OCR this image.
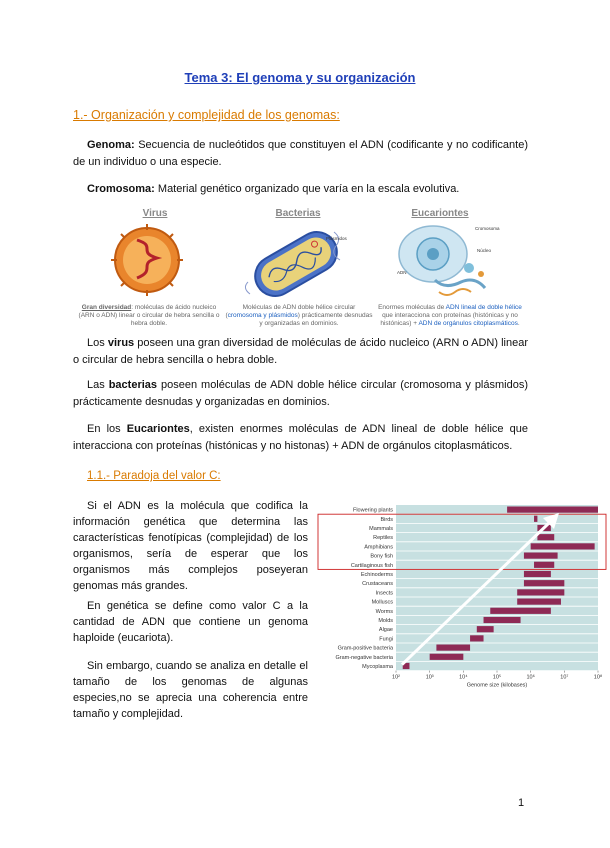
Tema 3: El genoma y su organización
1.- Organización y complejidad de los genomas:
Genoma: Secuencia de nucleótidos que constituyen el ADN (codificante y no codificante) de un individuo o una especie.
Cromosoma: Material genético organizado que varía en la escala evolutiva.
Virus
Gran diversidad: moléculas de ácido nucleico (ARN o ADN) linear o circular de hebra sencilla o hebra doble.
Bacterias
Plásmidos
Moléculas de ADN doble hélice circular (cromosoma y plásmidos) prácticamente desnudas y organizadas en dominios.
Eucariontes
Cromosoma
Núcleo
ADN
Enormes moléculas de ADN lineal de doble hélice que interacciona con proteínas (histónicas y no histónicas) + ADN de orgánulos citoplasmáticos.
Los virus poseen una gran diversidad de moléculas de ácido nucleico (ARN o ADN) linear o circular de hebra sencilla o hebra doble.
Las bacterias poseen moléculas de ADN doble hélice circular (cromosoma y plásmidos) prácticamente desnudas y organizadas en dominios.
En los Eucariontes, existen enormes moléculas de ADN lineal de doble hélice que interacciona con proteínas (histónicas y no histonas) + ADN de orgánulos citoplasmáticos.
1.1.- Paradoja del valor C:
Si el ADN es la molécula que codifica la información genética que determina las características fenotípicas (complejidad) de los organismos, sería de esperar que los organismos más complejos poseyeran genomas más grandes.
En genética se define como valor C a la cantidad de ADN que contiene un genoma haploide (eucariota).
Sin embargo, cuando se analiza en detalle el tamaño de los genomas de algunas especies,no se aprecia una coherencia entre tamaño y complejidad.
Flowering plants
Birds
Mammals
Reptiles
Amphibians
Bony fish
Cartilaginous fish
Echinoderms
Crustaceans
Insects
Molluscs
Worms
Molds
Algae
Fungi
Gram-positive bacteria
Gram-negative bacteria
Mycoplasma
10²	10³	10⁴	10⁵	10⁶	10⁷	10⁸
Genome size (kilobases)
1
